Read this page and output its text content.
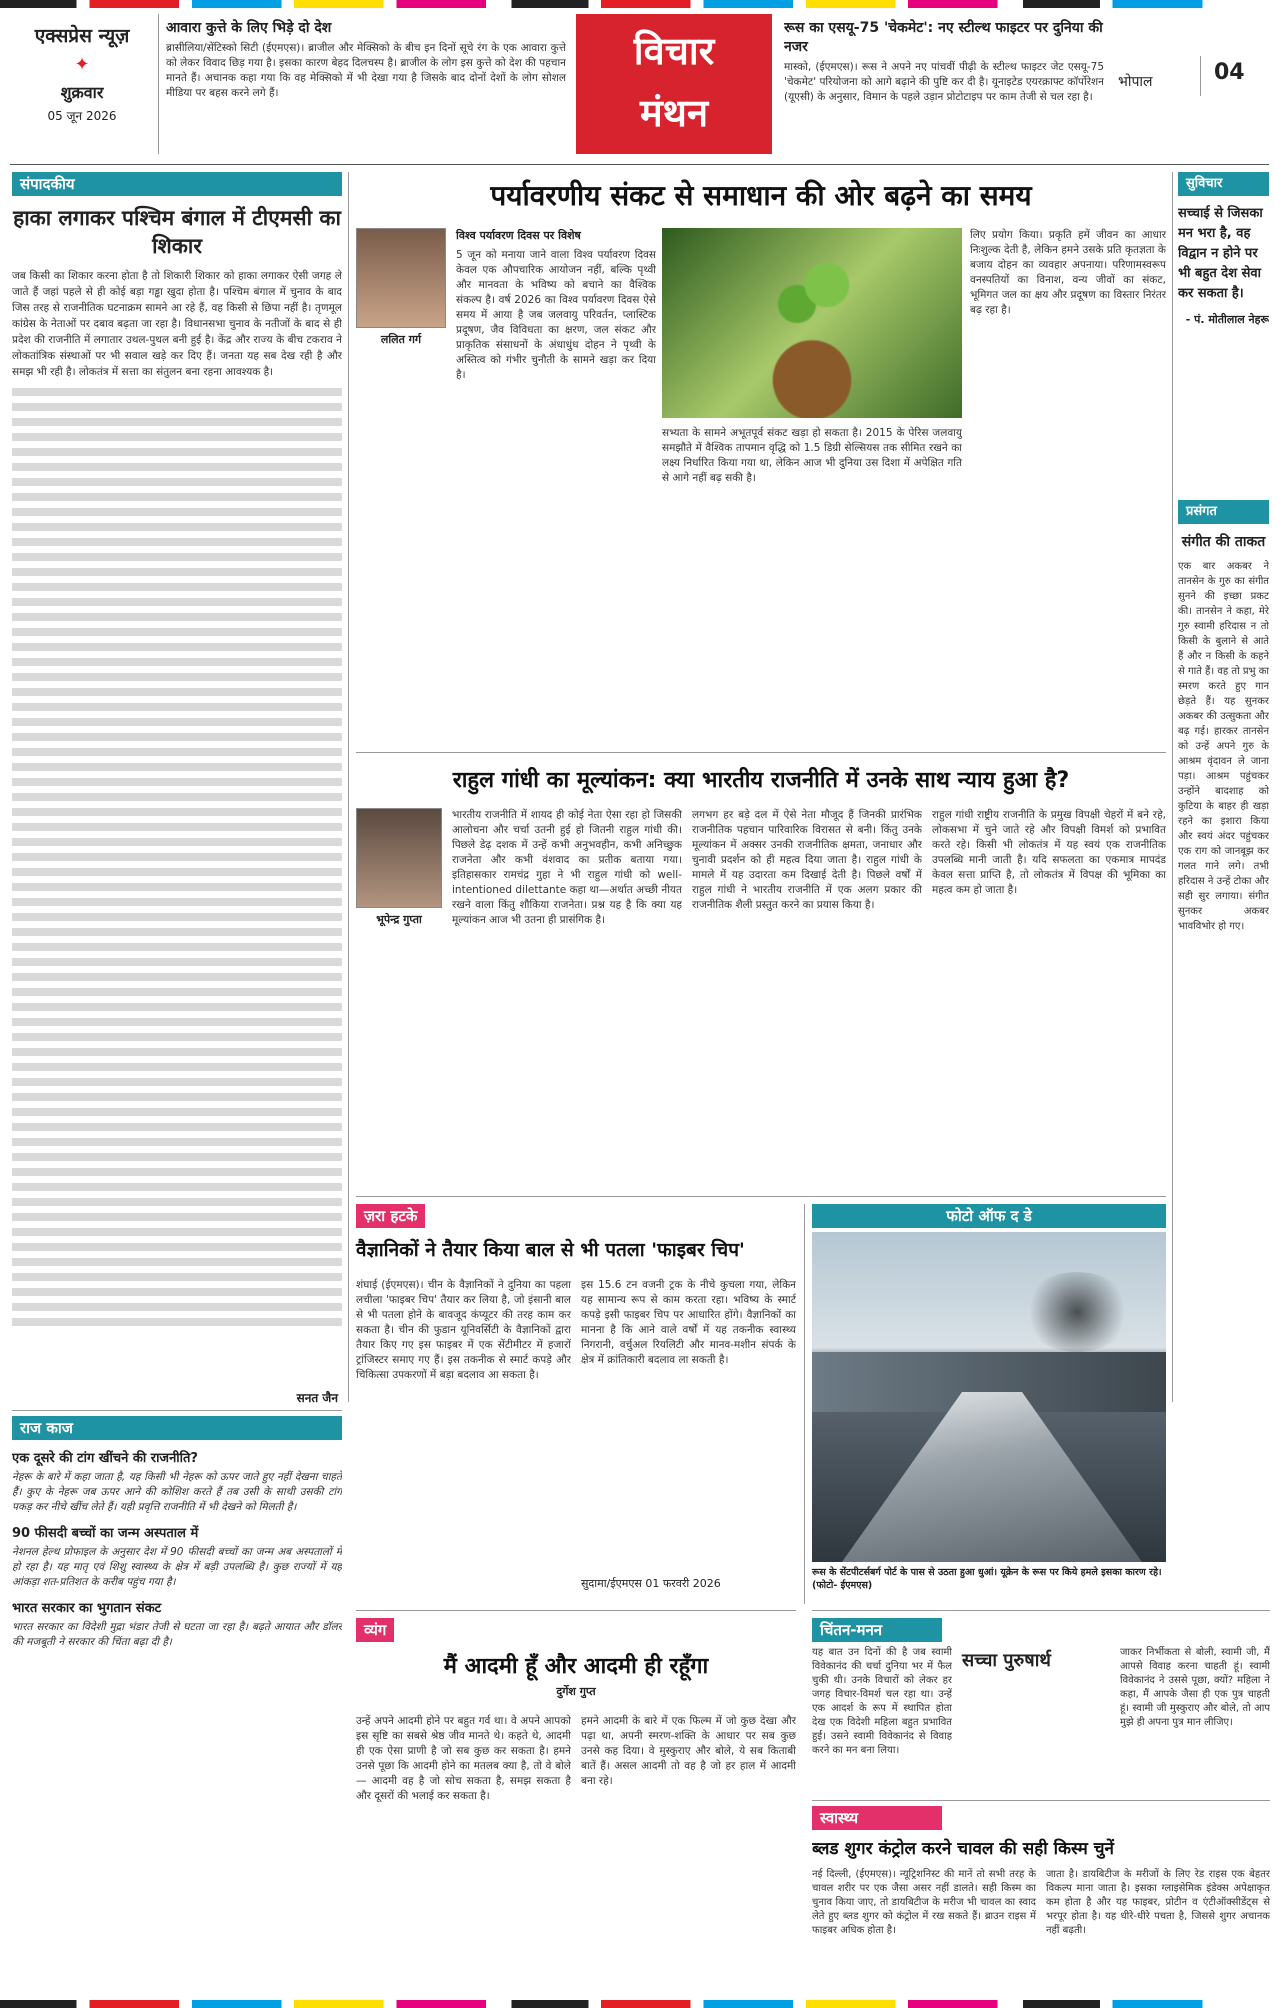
एक्सप्रेस न्यूज़
✦
शुक्रवार
05 जून 2026
आवारा कुत्ते के लिए भिड़े दो देश
ब्रासीलिया/सेंटिस्को सिटी (ईएमएस)। ब्राजील और मेक्सिको के बीच इन दिनों सूचे रंग के एक आवारा कुत्ते को लेकर विवाद छिड़ गया है। इसका कारण बेहद दिलचस्प है। ब्राजील के लोग इस कुत्ते को देश की पहचान मानते हैं। अचानक कहा गया कि वह मेक्सिको में भी देखा गया है जिसके बाद दोनों देशों के लोग सोशल मीडिया पर बहस करने लगे हैं।
विचार
मंथन
रूस का एसयू-75 'चेकमेट': नए स्टील्थ फाइटर पर दुनिया की नजर
मास्को, (ईएमएस)। रूस ने अपने नए पांचवीं पीढ़ी के स्टील्थ फाइटर जेट एसयू-75 'चेकमेट' परियोजना को आगे बढ़ाने की पुष्टि कर दी है। यूनाइटेड एयरक्राफ्ट कॉर्पोरेशन (यूएसी) के अनुसार, विमान के पहले उड़ान प्रोटोटाइप पर काम तेजी से चल रहा है।
भोपाल	04
संपादकीय
हाका लगाकर पश्चिम बंगाल में टीएमसी का शिकार
जब किसी का शिकार करना होता है तो शिकारी शिकार को हाका लगाकर ऐसी जगह ले जाते हैं जहां पहले से ही कोई बड़ा गड्ढा खुदा होता है। पश्चिम बंगाल में चुनाव के बाद जिस तरह से राजनीतिक घटनाक्रम सामने आ रहे हैं, वह किसी से छिपा नहीं है। तृणमूल कांग्रेस के नेताओं पर दबाव बढ़ता जा रहा है। विधानसभा चुनाव के नतीजों के बाद से ही प्रदेश की राजनीति में लगातार उथल-पुथल बनी हुई है। केंद्र और राज्य के बीच टकराव ने लोकतांत्रिक संस्थाओं पर भी सवाल खड़े कर दिए हैं। जनता यह सब देख रही है और समझ भी रही है। लोकतंत्र में सत्ता का संतुलन बना रहना आवश्यक है।
सनत जैन
पर्यावरणीय संकट से समाधान की ओर बढ़ने का समय
ललित गर्ग
विश्व पर्यावरण दिवस पर विशेष
5 जून को मनाया जाने वाला विश्व पर्यावरण दिवस केवल एक औपचारिक आयोजन नहीं, बल्कि पृथ्वी और मानवता के भविष्य को बचाने का वैश्विक संकल्प है। वर्ष 2026 का विश्व पर्यावरण दिवस ऐसे समय में आया है जब जलवायु परिवर्तन, प्लास्टिक प्रदूषण, जैव विविधता का क्षरण, जल संकट और प्राकृतिक संसाधनों के अंधाधुंध दोहन ने पृथ्वी के अस्तित्व को गंभीर चुनौती के सामने खड़ा कर दिया है।
सभ्यता के सामने अभूतपूर्व संकट खड़ा हो सकता है। 2015 के पेरिस जलवायु समझौते में वैश्विक तापमान वृद्धि को 1.5 डिग्री सेल्सियस तक सीमित रखने का लक्ष्य निर्धारित किया गया था, लेकिन आज भी दुनिया उस दिशा में अपेक्षित गति से आगे नहीं बढ़ सकी है।
लिए प्रयोग किया। प्रकृति हमें जीवन का आधार निःशुल्क देती है, लेकिन हमने उसके प्रति कृतज्ञता के बजाय दोहन का व्यवहार अपनाया। परिणामस्वरूप वनस्पतियों का विनाश, वन्य जीवों का संकट, भूमिगत जल का क्षय और प्रदूषण का विस्तार निरंतर बढ़ रहा है।
सुविचार
सच्चाई से जिसका मन भरा है, वह विद्वान न होने पर भी बहुत देश सेवा कर सकता है।
- पं. मोतीलाल नेहरू
प्रसंगत
संगीत की ताकत
एक बार अकबर ने तानसेन के गुरु का संगीत सुनने की इच्छा प्रकट की। तानसेन ने कहा, मेरे गुरु स्वामी हरिदास न तो किसी के बुलाने से आते हैं और न किसी के कहने से गाते हैं। वह तो प्रभु का स्मरण करते हुए गान छेड़ते हैं। यह सुनकर अकबर की उत्सुकता और बढ़ गई। हारकर तानसेन को उन्हें अपने गुरु के आश्रम वृंदावन ले जाना पड़ा। आश्रम पहुंचकर उन्होंने बादशाह को कुटिया के बाहर ही खड़ा रहने का इशारा किया और स्वयं अंदर पहुंचकर एक राग को जानबूझ कर गलत गाने लगे। तभी हरिदास ने उन्हें टोका और सही सुर लगाया। संगीत सुनकर अकबर भावविभोर हो गए।
राहुल गांधी का मूल्यांकन: क्या भारतीय राजनीति में उनके साथ न्याय हुआ है?
भूपेन्द्र गुप्ता
भारतीय राजनीति में शायद ही कोई नेता ऐसा रहा हो जिसकी आलोचना और चर्चा उतनी हुई हो जितनी राहुल गांधी की। पिछले डेढ़ दशक में उन्हें कभी अनुभवहीन, कभी अनिच्छुक राजनेता और कभी वंशवाद का प्रतीक बताया गया। इतिहासकार रामचंद्र गुहा ने भी राहुल गांधी को well-intentioned dilettante कहा था—अर्थात अच्छी नीयत रखने वाला किंतु शौकिया राजनेता। प्रश्न यह है कि क्या यह मूल्यांकन आज भी उतना ही प्रासंगिक है।
लगभग हर बड़े दल में ऐसे नेता मौजूद हैं जिनकी प्रारंभिक राजनीतिक पहचान पारिवारिक विरासत से बनी। किंतु उनके मूल्यांकन में अक्सर उनकी राजनीतिक क्षमता, जनाधार और चुनावी प्रदर्शन को ही महत्व दिया जाता है। राहुल गांधी के मामले में यह उदारता कम दिखाई देती है। पिछले वर्षों में राहुल गांधी ने भारतीय राजनीति में एक अलग प्रकार की राजनीतिक शैली प्रस्तुत करने का प्रयास किया है।
राहुल गांधी राष्ट्रीय राजनीति के प्रमुख विपक्षी चेहरों में बने रहे, लोकसभा में चुने जाते रहे और विपक्षी विमर्श को प्रभावित करते रहे। किसी भी लोकतंत्र में यह स्वयं एक राजनीतिक उपलब्धि मानी जाती है। यदि सफलता का एकमात्र मापदंड केवल सत्ता प्राप्ति है, तो लोकतंत्र में विपक्ष की भूमिका का महत्व कम हो जाता है।
ज़रा हटके
वैज्ञानिकों ने तैयार किया बाल से भी पतला 'फाइबर चिप'
शंघाई (ईएमएस)। चीन के वैज्ञानिकों ने दुनिया का पहला लचीला 'फाइबर चिप' तैयार कर लिया है, जो इंसानी बाल से भी पतला होने के बावजूद कंप्यूटर की तरह काम कर सकता है। चीन की फुडान यूनिवर्सिटी के वैज्ञानिकों द्वारा तैयार किए गए इस फाइबर में एक सेंटीमीटर में हजारों ट्रांजिस्टर समाए गए हैं। इस तकनीक से स्मार्ट कपड़े और चिकित्सा उपकरणों में बड़ा बदलाव आ सकता है।
इस 15.6 टन वजनी ट्रक के नीचे कुचला गया, लेकिन यह सामान्य रूप से काम करता रहा। भविष्य के स्मार्ट कपड़े इसी फाइबर चिप पर आधारित होंगे। वैज्ञानिकों का मानना है कि आने वाले वर्षों में यह तकनीक स्वास्थ्य निगरानी, वर्चुअल रियलिटी और मानव-मशीन संपर्क के क्षेत्र में क्रांतिकारी बदलाव ला सकती है।
सुदामा/ईएमएस 01 फरवरी 2026
फोटो ऑफ द डे
रूस के सेंटपीटर्सबर्ग पोर्ट के पास से उठता हुआ धुआं। यूक्रेन के रूस पर किये हमले इसका कारण रहे। (फोटो- ईएमएस)
राज काज
एक दूसरे की टांग खींचने की राजनीति?
नेहरू के बारे में कहा जाता है, यह किसी भी नेहरू को ऊपर जाते हुए नहीं देखना चाहते हैं। कुए के नेहरू जब ऊपर आने की कोशिश करते हैं तब उसी के साथी उसकी टांग पकड़ कर नीचे खींच लेते हैं। यही प्रवृत्ति राजनीति में भी देखने को मिलती है।
90 फीसदी बच्चों का जन्म अस्पताल में
नेशनल हेल्थ प्रोफाइल के अनुसार देश में 90 फीसदी बच्चों का जन्म अब अस्पतालों में हो रहा है। यह मातृ एवं शिशु स्वास्थ्य के क्षेत्र में बड़ी उपलब्धि है। कुछ राज्यों में यह आंकड़ा शत-प्रतिशत के करीब पहुंच गया है।
भारत सरकार का भुगतान संकट
भारत सरकार का विदेशी मुद्रा भंडार तेजी से घटता जा रहा है। बढ़ते आयात और डॉलर की मजबूती ने सरकार की चिंता बढ़ा दी है।
व्यंग
मैं आदमी हूँ और आदमी ही रहूँगा
दुर्गेश गुप्त
उन्हें अपने आदमी होने पर बहुत गर्व था। वे अपने आपको इस सृष्टि का सबसे श्रेष्ठ जीव मानते थे। कहते थे, आदमी ही एक ऐसा प्राणी है जो सब कुछ कर सकता है। हमने उनसे पूछा कि आदमी होने का मतलब क्या है, तो वे बोले — आदमी वह है जो सोच सकता है, समझ सकता है और दूसरों की भलाई कर सकता है।
हमने आदमी के बारे में एक फिल्म में जो कुछ देखा और पढ़ा था, अपनी स्मरण-शक्ति के आधार पर सब कुछ उनसे कह दिया। वे मुस्कुराए और बोले, ये सब किताबी बातें हैं। असल आदमी तो वह है जो हर हाल में आदमी बना रहे।
चिंतन-मनन
सच्चा पुरुषार्थ
यह बात उन दिनों की है जब स्वामी विवेकानंद की चर्चा दुनिया भर में फैल चुकी थी। उनके विचारों को लेकर हर जगह विचार-विमर्श चल रहा था। उन्हें एक आदर्श के रूप में स्थापित होता देख एक विदेशी महिला बहुत प्रभावित हुई। उसने स्वामी विवेकानंद से विवाह करने का मन बना लिया।
जाकर निर्भीकता से बोली, स्वामी जी, मैं आपसे विवाह करना चाहती हूं। स्वामी विवेकानंद ने उससे पूछा, क्यों? महिला ने कहा, मैं आपके जैसा ही एक पुत्र चाहती हूं। स्वामी जी मुस्कुराए और बोले, तो आप मुझे ही अपना पुत्र मान लीजिए।
स्वास्थ्य
ब्लड शुगर कंट्रोल करने चावल की सही किस्म चुनें
नई दिल्ली, (ईएमएस)। न्यूट्रिशनिस्ट की मानें तो सभी तरह के चावल शरीर पर एक जैसा असर नहीं डालते। सही किस्म का चुनाव किया जाए, तो डायबिटीज के मरीज भी चावल का स्वाद लेते हुए ब्लड शुगर को कंट्रोल में रख सकते हैं। ब्राउन राइस में फाइबर अधिक होता है।
जाता है। डायबिटीज के मरीजों के लिए रेड राइस एक बेहतर विकल्प माना जाता है। इसका ग्लाइसेमिक इंडेक्स अपेक्षाकृत कम होता है और यह फाइबर, प्रोटीन व एंटीऑक्सीडेंट्स से भरपूर होता है। यह धीरे-धीरे पचता है, जिससे शुगर अचानक नहीं बढ़ती।
